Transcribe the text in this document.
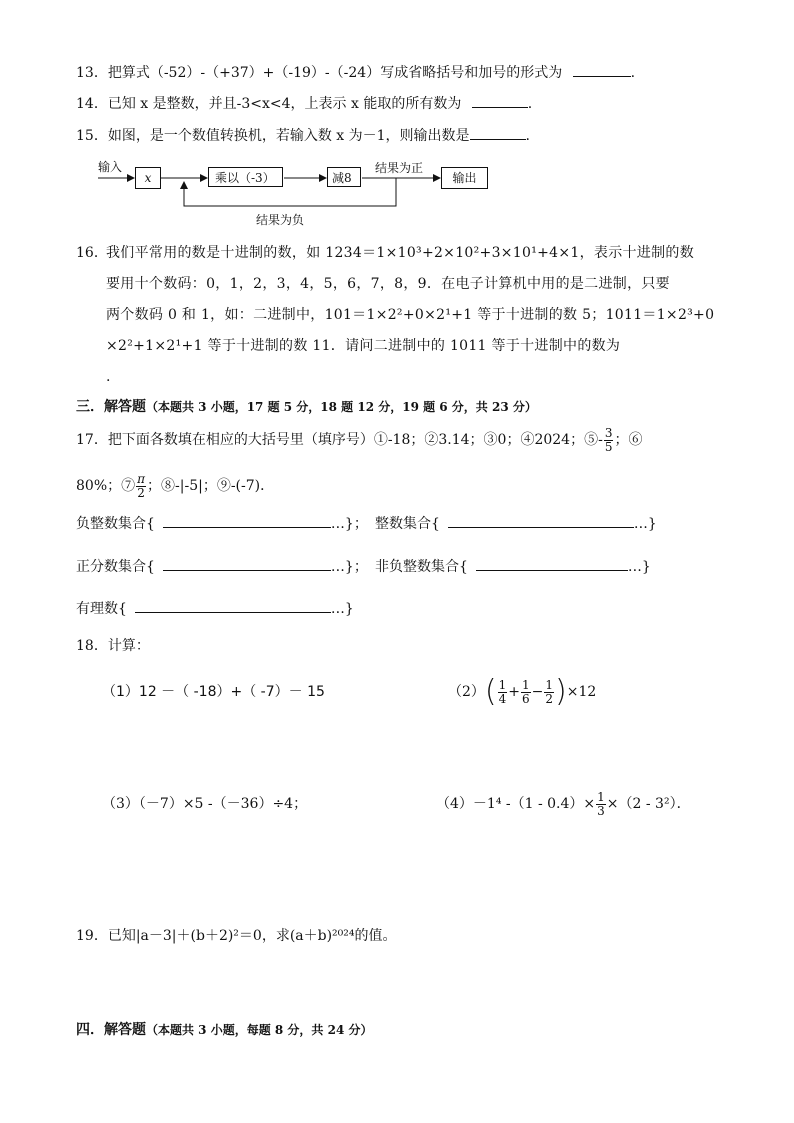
13．把算式（-52）-（+37）+（-19）-（-24）写成省略括号和加号的形式为	.
14．已知 x 是整数，并且-3<x<4，上表示 x 能取的所有数为	.
15．如图，是一个数值转换机，若输入数 x 为－1，则输出数是	.
输入
x	乘以（-3）	减8
结果为正
输出
结果为负
16．
我们平常用的数是十进制的数，如 1234＝1×10³+2×10²+3×10¹+4×1，表示十进制的数
要用十个数码：0，1，2，3，4，5，6，7，8，9．在电子计算机中用的是二进制，只要
两个数码 0 和 1，如：二进制中，101＝1×2²+0×2¹+1 等于十进制的数 5；1011＝1×2³+0
×2²+1×2¹+1 等于十进制的数 11．请问二进制中的 1011 等于十进制中的数为
.
三．解答题（本题共 3 小题，17 题 5 分，18 题 12 分，19 题 6 分，共 23 分）
17．把下面各数填在相应的大括号里（填序号）①-18；②3.14；③0；④2024；⑤- $\frac{3}{5}$ ；⑥
80%；⑦ $\frac{\pi}{2}$ ；⑧-|-5|；⑨-(-7)．
负整数集合{	…}； 整数集合{	…}
正分数集合{	…}； 非负整数集合{	…}
有理数{	…}
18．计算：
（1）12 －（ -18）+（ -7）－ 15	$(2)( \frac{1}{4} + \frac{1}{6} - \frac{1}{2} )\times 12$
（3）（－7）×5 -（－36）÷4；	（4）－1⁴ $-(1 - 0.4)\times \frac{1}{3} \times(2 - 3^2)$．
19．已知|a－3|＋(b＋2)²＝0，求(a＋b)²⁰²⁴的值。
四．解答题（本题共 3 小题，每题 8 分，共 24 分）
